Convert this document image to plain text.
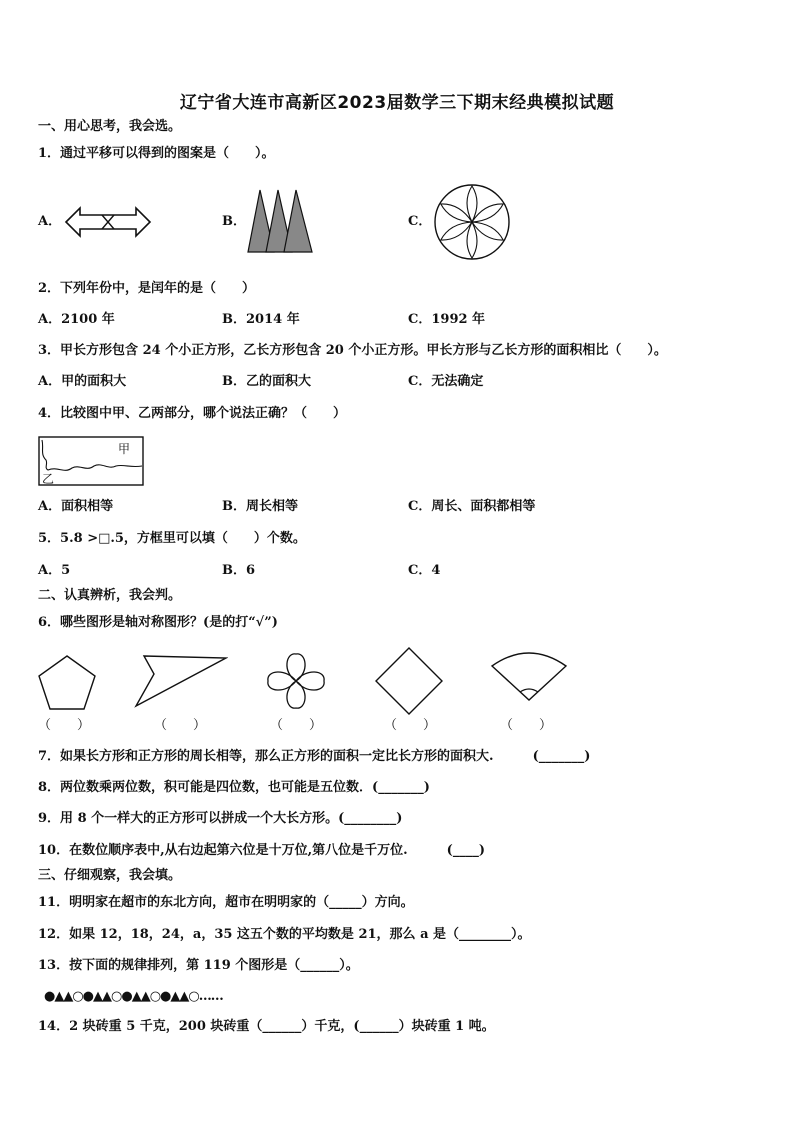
辽宁省大连市高新区2023届数学三下期末经典模拟试题
一、用心思考，我会选。
1．通过平移可以得到的图案是（　　）。
A．	B．	C．
2．下列年份中，是闰年的是（　　）
A．2100 年	B．2014 年	C．1992 年
3．甲长方形包含 24 个小正方形，乙长方形包含 20 个小正方形。甲长方形与乙长方形的面积相比（　　）。
A．甲的面积大	B．乙的面积大	C．无法确定
4．比较图中甲、乙两部分，哪个说法正确？（　　）
甲
乙
A．面积相等	B．周长相等	C．周长、面积都相等
5．5.8 >□.5，方框里可以填（　　）个数。
A．5	B．6	C．4
二、认真辨析，我会判。
6．哪些图形是轴对称图形？(是的打“√”)
（　　）	（　　）	（　　）	（　　）	（　　）
7．如果长方形和正方形的周长相等，那么正方形的面积一定比长方形的面积大.　　　(_______)
8．两位数乘两位数，积可能是四位数，也可能是五位数．(_______)
9．用 8 个一样大的正方形可以拼成一个大长方形。(________)
10．在数位顺序表中,从右边起第六位是十万位,第八位是千万位.　　　(____)
三、仔细观察，我会填。
11．明明家在超市的东北方向，超市在明明家的（_____）方向。
12．如果 12，18，24，a，35 这五个数的平均数是 21，那么 a 是（________）。
13．按下面的规律排列，第 119 个图形是（______）。
●▲▲○●▲▲○●▲▲○●▲▲○……
14．2 块砖重 5 千克，200 块砖重（______）千克，(______）块砖重 1 吨。
